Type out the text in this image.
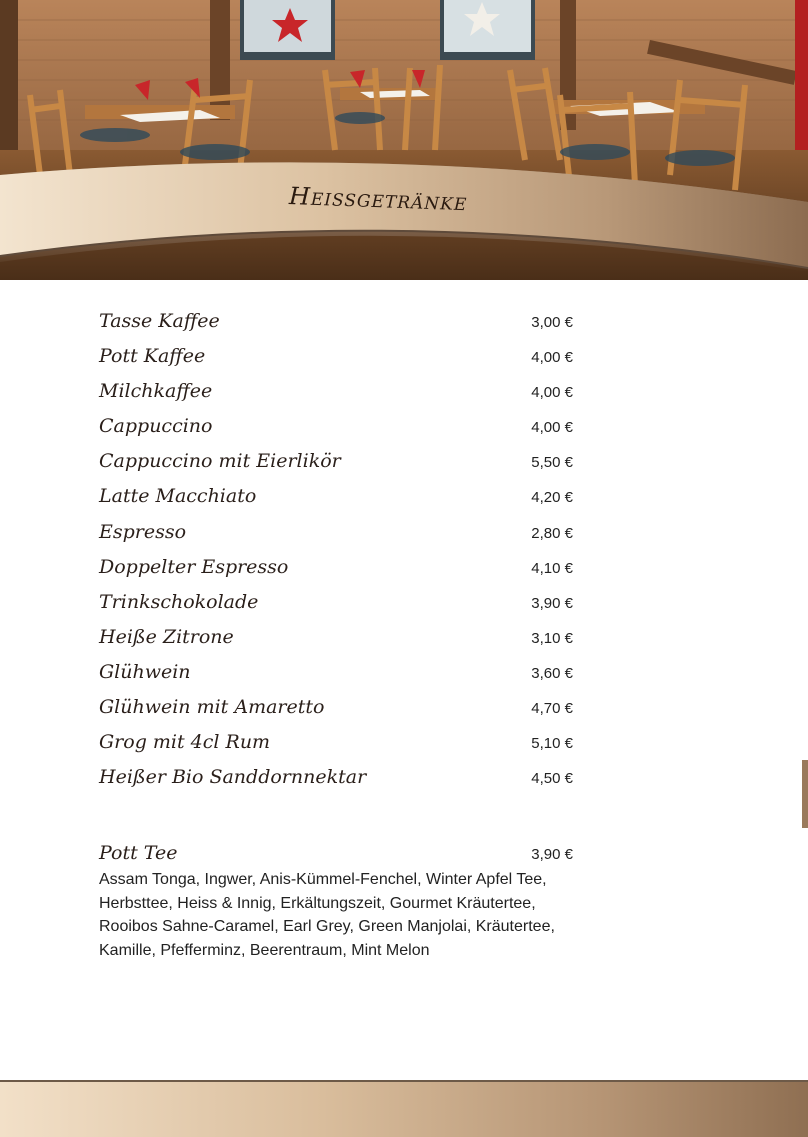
Heissgetränke
Tasse Kaffee	3,00 €
Pott Kaffee	4,00 €
Milchkaffee	4,00 €
Cappuccino	4,00 €
Cappuccino mit Eierlikör	5,50 €
Latte Macchiato	4,20 €
Espresso	2,80 €
Doppelter Espresso	4,10 €
Trinkschokolade	3,90 €
Heiße Zitrone	3,10 €
Glühwein	3,60 €
Glühwein mit Amaretto	4,70 €
Grog mit 4cl Rum	5,10 €
Heißer Bio Sanddornnektar	4,50 €
Pott Tee	3,90 €
Assam Tonga, Ingwer, Anis-Kümmel-Fenchel, Winter Apfel Tee,
Herbsttee, Heiss & Innig, Erkältungszeit, Gourmet Kräutertee,
Rooibos Sahne-Caramel, Earl Grey, Green Manjolai, Kräutertee,
Kamille, Pfefferminz, Beerentraum, Mint Melon
